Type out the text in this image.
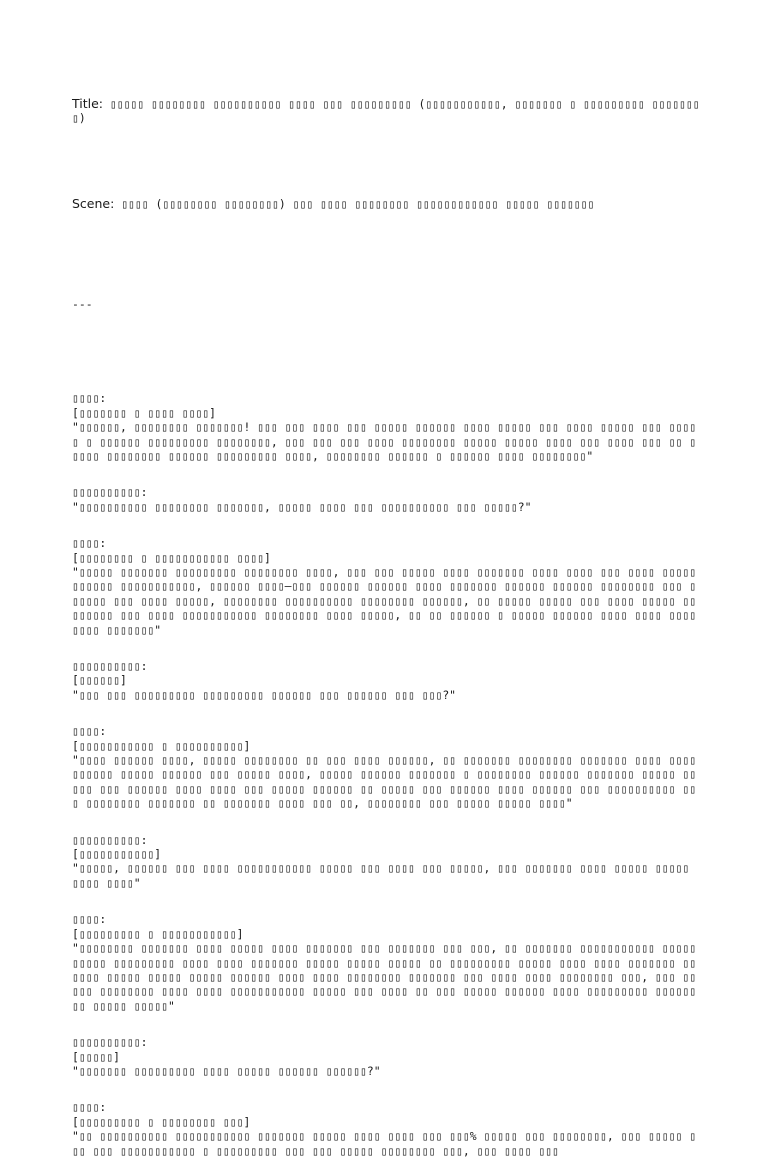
Title: ▯▯▯▯▯ ▯▯▯▯▯▯▯▯ ▯▯▯▯▯▯▯▯▯▯ ▯▯▯▯ ▯▯▯ ▯▯▯▯▯▯▯▯▯ (▯▯▯▯▯▯▯▯▯▯▯, ▯▯▯▯▯▯▯ ▯ ▯▯▯▯▯▯▯▯▯ ▯▯▯▯▯▯▯▯)

Scene: ▯▯▯▯ (▯▯▯▯▯▯▯▯ ▯▯▯▯▯▯▯▯) ▯▯▯ ▯▯▯▯ ▯▯▯▯▯▯▯▯ ▯▯▯▯▯▯▯▯▯▯▯▯ ▯▯▯▯▯ ▯▯▯▯▯▯▯

---

▯▯▯▯:
[▯▯▯▯▯▯▯ ▯ ▯▯▯▯ ▯▯▯▯]
"▯▯▯▯▯▯, ▯▯▯▯▯▯▯▯ ▯▯▯▯▯▯▯! ▯▯▯ ▯▯▯ ▯▯▯▯ ▯▯▯ ▯▯▯▯▯ ▯▯▯▯▯▯ ▯▯▯▯ ▯▯▯▯▯ ▯▯▯ ▯▯▯▯ ▯▯▯▯▯ ▯▯▯ ▯▯▯▯▯ ▯ ▯▯▯▯▯▯ ▯▯▯▯▯▯▯▯▯ ▯▯▯▯▯▯▯▯, ▯▯▯ ▯▯▯ ▯▯▯ ▯▯▯▯ ▯▯▯▯▯▯▯▯ ▯▯▯▯▯ ▯▯▯▯▯ ▯▯▯▯ ▯▯▯ ▯▯▯▯ ▯▯▯ ▯▯ ▯▯▯▯▯ ▯▯▯▯▯▯▯▯ ▯▯▯▯▯▯ ▯▯▯▯▯▯▯▯▯ ▯▯▯▯, ▯▯▯▯▯▯▯▯ ▯▯▯▯▯▯ ▯ ▯▯▯▯▯▯ ▯▯▯▯ ▯▯▯▯▯▯▯▯"
▯▯▯▯▯▯▯▯▯▯:
"▯▯▯▯▯▯▯▯▯▯ ▯▯▯▯▯▯▯▯ ▯▯▯▯▯▯▯, ▯▯▯▯▯ ▯▯▯▯ ▯▯▯ ▯▯▯▯▯▯▯▯▯▯ ▯▯▯ ▯▯▯▯▯?"
▯▯▯▯:
[▯▯▯▯▯▯▯▯ ▯ ▯▯▯▯▯▯▯▯▯▯▯ ▯▯▯▯]
"▯▯▯▯▯ ▯▯▯▯▯▯▯ ▯▯▯▯▯▯▯▯▯ ▯▯▯▯▯▯▯▯ ▯▯▯▯, ▯▯▯ ▯▯▯ ▯▯▯▯▯ ▯▯▯▯ ▯▯▯▯▯▯▯ ▯▯▯▯ ▯▯▯▯ ▯▯▯ ▯▯▯▯ ▯▯▯▯▯▯▯▯▯▯▯ ▯▯▯▯▯▯▯▯▯▯▯, ▯▯▯▯▯▯ ▯▯▯▯—▯▯▯ ▯▯▯▯▯▯ ▯▯▯▯▯▯ ▯▯▯▯ ▯▯▯▯▯▯▯ ▯▯▯▯▯▯ ▯▯▯▯▯▯ ▯▯▯▯▯▯▯▯ ▯▯▯ ▯▯▯▯▯▯ ▯▯▯ ▯▯▯▯ ▯▯▯▯▯, ▯▯▯▯▯▯▯▯ ▯▯▯▯▯▯▯▯▯▯ ▯▯▯▯▯▯▯▯ ▯▯▯▯▯▯, ▯▯ ▯▯▯▯▯ ▯▯▯▯▯ ▯▯▯ ▯▯▯▯ ▯▯▯▯▯ ▯▯▯▯▯▯▯▯ ▯▯▯ ▯▯▯▯ ▯▯▯▯▯▯▯▯▯▯▯ ▯▯▯▯▯▯▯▯ ▯▯▯▯ ▯▯▯▯▯, ▯▯ ▯▯ ▯▯▯▯▯▯ ▯ ▯▯▯▯▯ ▯▯▯▯▯▯ ▯▯▯▯ ▯▯▯▯ ▯▯▯▯▯▯▯▯ ▯▯▯▯▯▯▯"
▯▯▯▯▯▯▯▯▯▯:
[▯▯▯▯▯▯]
"▯▯▯ ▯▯▯ ▯▯▯▯▯▯▯▯▯ ▯▯▯▯▯▯▯▯▯ ▯▯▯▯▯▯ ▯▯▯ ▯▯▯▯▯▯ ▯▯▯ ▯▯▯?"
▯▯▯▯:
[▯▯▯▯▯▯▯▯▯▯▯ ▯ ▯▯▯▯▯▯▯▯▯▯]
"▯▯▯▯ ▯▯▯▯▯▯ ▯▯▯▯, ▯▯▯▯▯ ▯▯▯▯▯▯▯▯ ▯▯ ▯▯▯ ▯▯▯▯ ▯▯▯▯▯▯, ▯▯ ▯▯▯▯▯▯▯ ▯▯▯▯▯▯▯▯ ▯▯▯▯▯▯▯ ▯▯▯▯ ▯▯▯▯ ▯▯▯▯▯▯ ▯▯▯▯▯ ▯▯▯▯▯▯ ▯▯▯ ▯▯▯▯▯ ▯▯▯▯, ▯▯▯▯▯ ▯▯▯▯▯▯ ▯▯▯▯▯▯▯ ▯ ▯▯▯▯▯▯▯▯ ▯▯▯▯▯▯ ▯▯▯▯▯▯▯ ▯▯▯▯▯ ▯▯▯▯▯ ▯▯▯ ▯▯▯▯▯▯ ▯▯▯▯ ▯▯▯▯ ▯▯▯ ▯▯▯▯▯ ▯▯▯▯▯▯ ▯▯ ▯▯▯▯▯ ▯▯▯ ▯▯▯▯▯▯ ▯▯▯▯ ▯▯▯▯▯▯ ▯▯▯ ▯▯▯▯▯▯▯▯▯▯ ▯▯▯ ▯▯▯▯▯▯▯▯ ▯▯▯▯▯▯▯ ▯▯ ▯▯▯▯▯▯▯ ▯▯▯▯ ▯▯▯ ▯▯, ▯▯▯▯▯▯▯▯ ▯▯▯ ▯▯▯▯▯ ▯▯▯▯▯ ▯▯▯▯"
▯▯▯▯▯▯▯▯▯▯:
[▯▯▯▯▯▯▯▯▯▯▯]
"▯▯▯▯▯, ▯▯▯▯▯▯ ▯▯▯ ▯▯▯▯ ▯▯▯▯▯▯▯▯▯▯▯ ▯▯▯▯▯ ▯▯▯ ▯▯▯▯ ▯▯▯ ▯▯▯▯▯, ▯▯▯ ▯▯▯▯▯▯▯ ▯▯▯▯ ▯▯▯▯▯ ▯▯▯▯▯ ▯▯▯▯ ▯▯▯▯"
▯▯▯▯:
[▯▯▯▯▯▯▯▯▯ ▯ ▯▯▯▯▯▯▯▯▯▯▯]
"▯▯▯▯▯▯▯▯ ▯▯▯▯▯▯▯ ▯▯▯▯ ▯▯▯▯▯ ▯▯▯▯ ▯▯▯▯▯▯▯ ▯▯▯ ▯▯▯▯▯▯▯ ▯▯▯ ▯▯▯, ▯▯ ▯▯▯▯▯▯▯ ▯▯▯▯▯▯▯▯▯▯▯ ▯▯▯▯▯▯▯▯▯▯ ▯▯▯▯▯▯▯▯▯ ▯▯▯▯ ▯▯▯▯ ▯▯▯▯▯▯▯ ▯▯▯▯▯ ▯▯▯▯▯ ▯▯▯▯▯ ▯▯ ▯▯▯▯▯▯▯▯▯ ▯▯▯▯▯ ▯▯▯▯ ▯▯▯▯ ▯▯▯▯▯▯▯ ▯▯▯▯▯▯ ▯▯▯▯▯ ▯▯▯▯▯ ▯▯▯▯▯ ▯▯▯▯▯▯ ▯▯▯▯ ▯▯▯▯ ▯▯▯▯▯▯▯▯ ▯▯▯▯▯▯▯ ▯▯▯ ▯▯▯▯ ▯▯▯▯ ▯▯▯▯▯▯▯▯ ▯▯▯, ▯▯▯ ▯▯▯▯▯ ▯▯▯▯▯▯▯▯ ▯▯▯▯ ▯▯▯▯ ▯▯▯▯▯▯▯▯▯▯▯ ▯▯▯▯▯ ▯▯▯ ▯▯▯▯ ▯▯ ▯▯▯ ▯▯▯▯▯ ▯▯▯▯▯▯ ▯▯▯▯ ▯▯▯▯▯▯▯▯▯ ▯▯▯▯▯▯▯▯ ▯▯▯▯▯ ▯▯▯▯▯"
▯▯▯▯▯▯▯▯▯▯:
[▯▯▯▯▯]
"▯▯▯▯▯▯▯ ▯▯▯▯▯▯▯▯▯ ▯▯▯▯ ▯▯▯▯▯ ▯▯▯▯▯▯ ▯▯▯▯▯▯?"
▯▯▯▯:
[▯▯▯▯▯▯▯▯▯ ▯ ▯▯▯▯▯▯▯▯ ▯▯▯]
"▯▯ ▯▯▯▯▯▯▯▯▯▯ ▯▯▯▯▯▯▯▯▯▯▯ ▯▯▯▯▯▯▯ ▯▯▯▯▯ ▯▯▯▯ ▯▯▯▯ ▯▯▯ ▯▯▯% ▯▯▯▯▯ ▯▯▯ ▯▯▯▯▯▯▯▯, ▯▯▯ ▯▯▯▯▯ ▯▯▯ ▯▯▯ ▯▯▯▯▯▯▯▯▯▯▯ ▯ ▯▯▯▯▯▯▯▯▯ ▯▯▯ ▯▯▯ ▯▯▯▯▯ ▯▯▯▯▯▯▯▯ ▯▯▯, ▯▯▯ ▯▯▯▯ ▯▯▯
